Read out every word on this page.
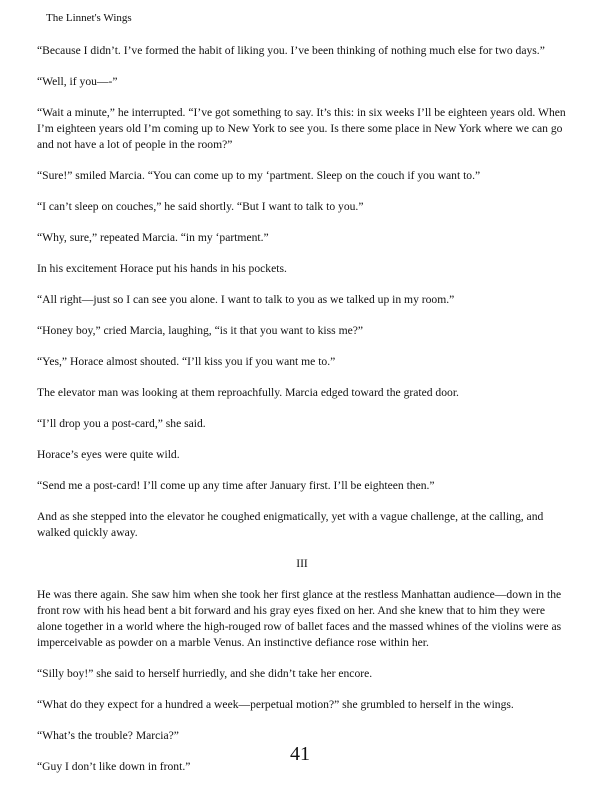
The Linnet's Wings

“Because I didn’t. I’ve formed the habit of liking you. I’ve been thinking of nothing much else for two days.”

“Well, if you—-”

“Wait a minute,” he interrupted. “I’ve got something to say. It’s this: in six weeks I’ll be eighteen years old. When I’m eighteen years old I’m coming up to New York to see you. Is there some place in New York where we can go and not have a lot of people in the room?”

“Sure!” smiled Marcia. “You can come up to my ‘partment. Sleep on the couch if you want to.”

“I can’t sleep on couches,” he said shortly. “But I want to talk to you.”

“Why, sure,” repeated Marcia. “in my ‘partment.”

In his excitement Horace put his hands in his pockets.

“All right—just so I can see you alone. I want to talk to you as we talked up in my room.”

“Honey boy,” cried Marcia, laughing, “is it that you want to kiss me?”

“Yes,” Horace almost shouted. “I’ll kiss you if you want me to.”

The elevator man was looking at them reproachfully. Marcia edged toward the grated door.

“I’ll drop you a post-card,” she said.

Horace’s eyes were quite wild.

“Send me a post-card! I’ll come up any time after January first. I’ll be eighteen then.”

And as she stepped into the elevator he coughed enigmatically, yet with a vague challenge, at the calling, and walked quickly away.

III

He was there again. She saw him when she took her first glance at the restless Manhattan audience—down in the front row with his head bent a bit forward and his gray eyes fixed on her. And she knew that to him they were alone together in a world where the high-rouged row of ballet faces and the massed whines of the violins were as imperceivable as powder on a marble Venus. An instinctive defiance rose within her.

“Silly boy!” she said to herself hurriedly, and she didn’t take her encore.

“What do they expect for a hundred a week—perpetual motion?” she grumbled to herself in the wings.

“What’s the trouble? Marcia?”

“Guy I don’t like down in front.”

41
